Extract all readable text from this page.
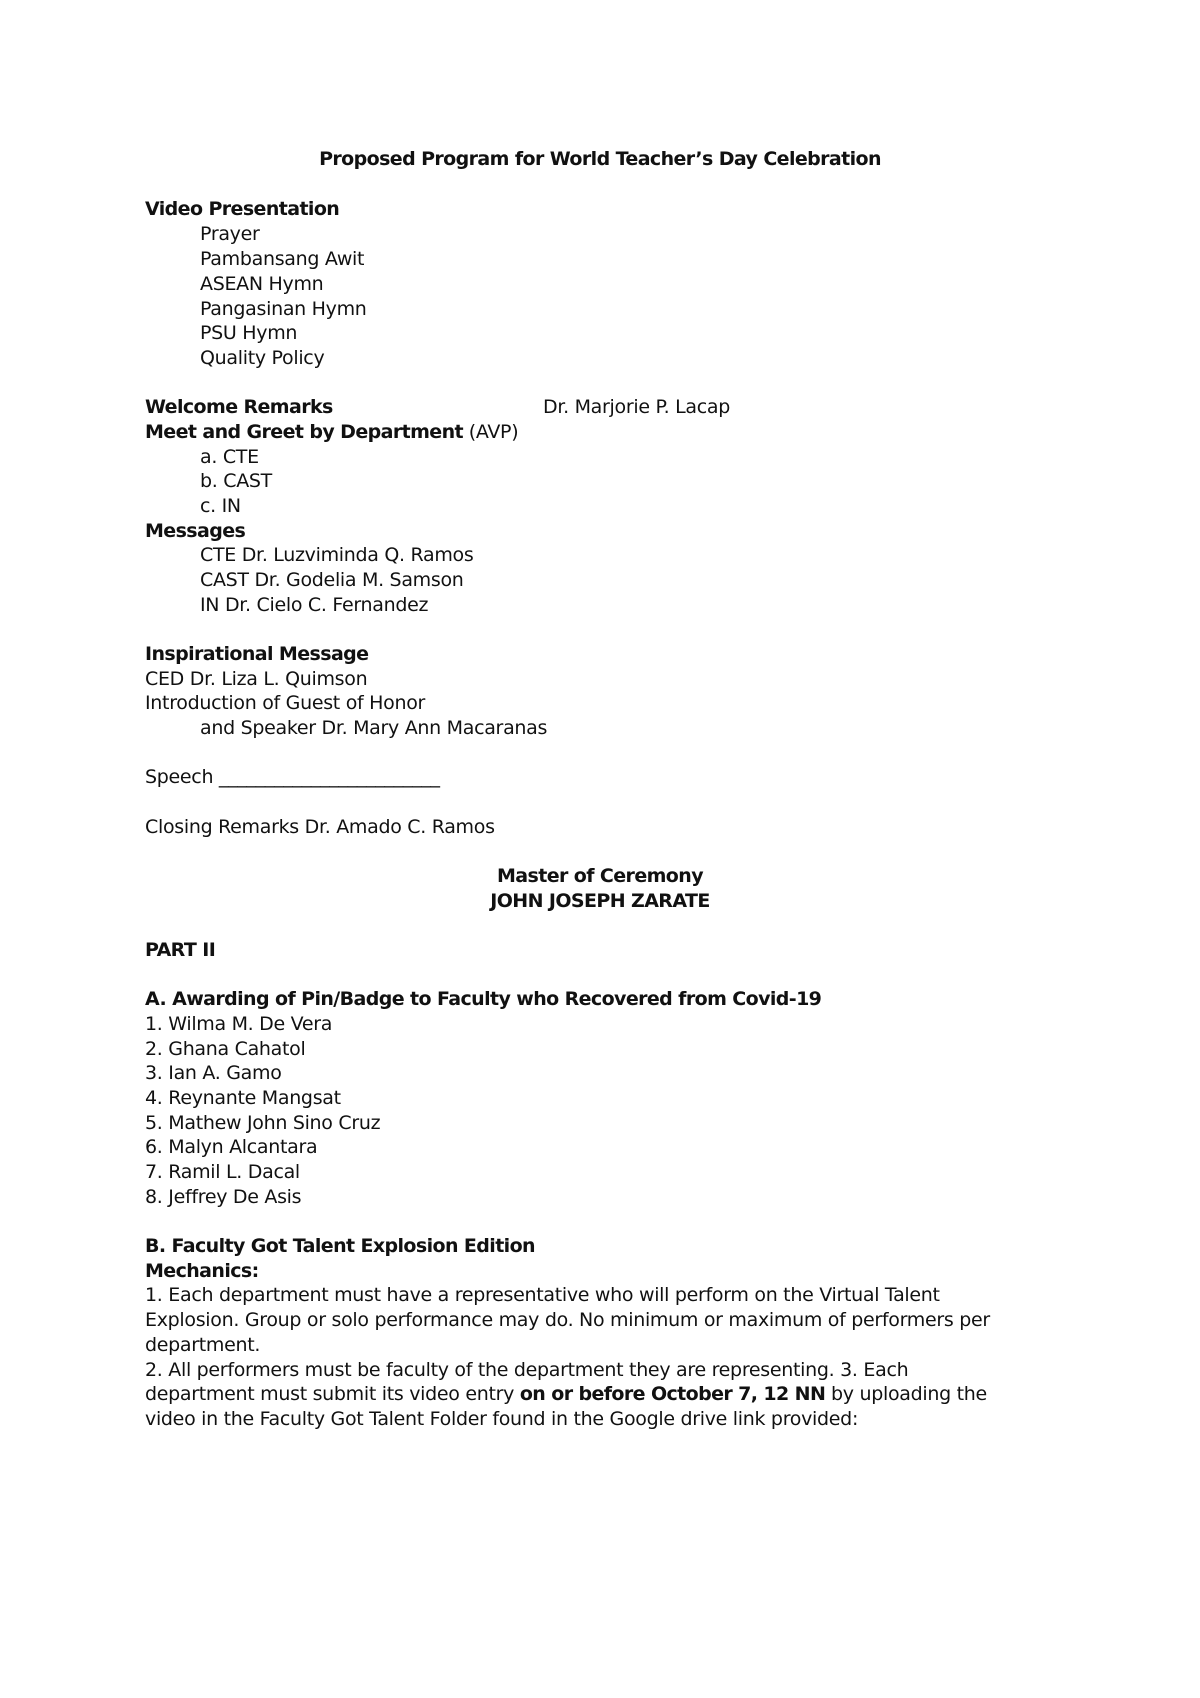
Proposed Program for World Teacher’s Day Celebration
Video Presentation
Prayer
Pambansang Awit
ASEAN Hymn
Pangasinan Hymn
PSU Hymn
Quality Policy
Welcome Remarks	Dr. Marjorie P. Lacap
Meet and Greet by Department (AVP)
a. CTE
b. CAST
c. IN
Messages
CTE Dr. Luzviminda Q. Ramos
CAST Dr. Godelia M. Samson
IN Dr. Cielo C. Fernandez
Inspirational Message
CED Dr. Liza L. Quimson
Introduction of Guest of Honor
and Speaker Dr. Mary Ann Macaranas
Speech ________________________
Closing Remarks Dr. Amado C. Ramos
Master of Ceremony
JOHN JOSEPH ZARATE
PART II
A. Awarding of Pin/Badge to Faculty who Recovered from Covid-19
1. Wilma M. De Vera
2. Ghana Cahatol
3. Ian A. Gamo
4. Reynante Mangsat
5. Mathew John Sino Cruz
6. Malyn Alcantara
7. Ramil L. Dacal
8. Jeffrey De Asis
B. Faculty Got Talent Explosion Edition
Mechanics:
1. Each department must have a representative who will perform on the Virtual Talent
Explosion. Group or solo performance may do. No minimum or maximum of performers per
department.
2. All performers must be faculty of the department they are representing. 3. Each
department must submit its video entry on or before October 7, 12 NN by uploading the
video in the Faculty Got Talent Folder found in the Google drive link provided:
